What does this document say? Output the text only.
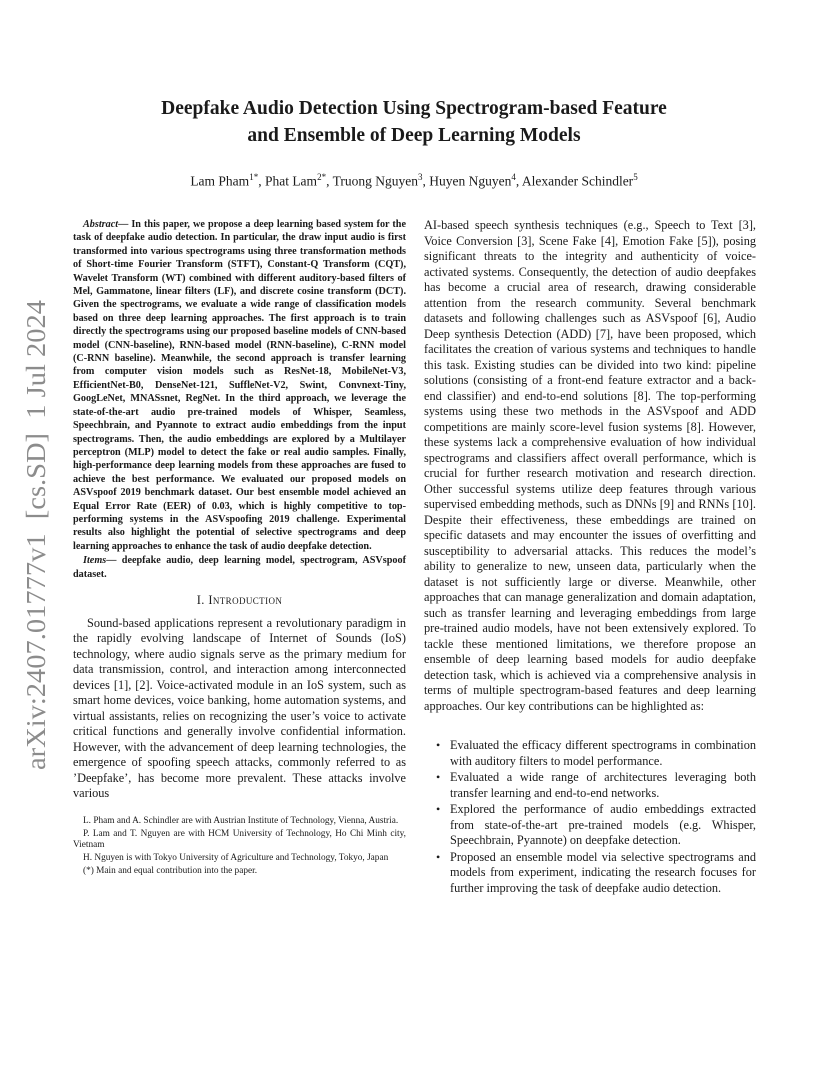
arXiv:2407.01777v1  [cs.SD]  1 Jul 2024
Deepfake Audio Detection Using Spectrogram-based Feature
and Ensemble of Deep Learning Models
Lam Pham$^{1*}$, Phat Lam$^{2*}$, Truong Nguyen$^3$, Huyen Nguyen$^4$, Alexander Schindler$^5$

Abstract— In this paper, we propose a deep learning based system for the task of deepfake audio detection. In particular, the draw input audio is first transformed into various spectrograms using three transformation methods of Short-time Fourier Transform (STFT), Constant-Q Transform (CQT), Wavelet Transform (WT) combined with different auditory-based filters of Mel, Gammatone, linear filters (LF), and discrete cosine transform (DCT). Given the spectrograms, we evaluate a wide range of classification models based on three deep learning approaches. The first approach is to train directly the spectrograms using our proposed baseline models of CNN-based model (CNN-baseline), RNN-based model (RNN-baseline), C-RNN model (C-RNN baseline). Meanwhile, the second approach is transfer learning from computer vision models such as ResNet-18, MobileNet-V3, EfficientNet-B0, DenseNet-121, SuffleNet-V2, Swint, Convnext-Tiny, GoogLeNet, MNASsnet, RegNet. In the third approach, we leverage the state-of-the-art audio pre-trained models of Whisper, Seamless, Speechbrain, and Pyannote to extract audio embeddings from the input spectrograms. Then, the audio embeddings are explored by a Multilayer perceptron (MLP) model to detect the fake or real audio samples. Finally, high-performance deep learning models from these approaches are fused to achieve the best performance. We evaluated our proposed models on ASVspoof 2019 benchmark dataset. Our best ensemble model achieved an Equal Error Rate (EER) of 0.03, which is highly competitive to top-performing systems in the ASVspoofing 2019 challenge. Experimental results also highlight the potential of selective spectrograms and deep learning approaches to enhance the task of audio deepfake detection.

Items— deepfake audio, deep learning model, spectrogram, ASVspoof dataset.

I. Introduction

Sound-based applications represent a revolutionary paradigm in the rapidly evolving landscape of Internet of Sounds (IoS) technology, where audio signals serve as the primary medium for data transmission, control, and interaction among interconnected devices [1], [2]. Voice-activated module in an IoS system, such as smart home devices, voice banking, home automation systems, and virtual assistants, relies on recognizing the user’s voice to activate critical functions and generally involve confidential information. However, with the advancement of deep learning technologies, the emergence of spoofing speech attacks, commonly referred to as ’Deepfake’, has become more prevalent. These attacks involve various

L. Pham and A. Schindler are with Austrian Institute of Technology, Vienna, Austria.

P. Lam and T. Nguyen are with HCM University of Technology, Ho Chi Minh city, Vietnam

H. Nguyen is with Tokyo University of Agriculture and Technology, Tokyo, Japan

(*) Main and equal contribution into the paper.

AI-based speech synthesis techniques (e.g., Speech to Text [3], Voice Conversion [3], Scene Fake [4], Emotion Fake [5]), posing significant threats to the integrity and authenticity of voice-activated systems. Consequently, the detection of audio deepfakes has become a crucial area of research, drawing considerable attention from the research community. Several benchmark datasets and following challenges such as ASVspoof [6], Audio Deep synthesis Detection (ADD) [7], have been proposed, which facilitates the creation of various systems and techniques to handle this task. Existing studies can be divided into two kind: pipeline solutions (consisting of a front-end feature extractor and a back-end classifier) and end-to-end solutions [8]. The top-performing systems using these two methods in the ASVspoof and ADD competitions are mainly score-level fusion systems [8]. However, these systems lack a comprehensive evaluation of how individual spectrograms and classifiers affect overall performance, which is crucial for further research motivation and research direction. Other successful systems utilize deep features through various supervised embedding methods, such as DNNs [9] and RNNs [10]. Despite their effectiveness, these embeddings are trained on specific datasets and may encounter the issues of overfitting and susceptibility to adversarial attacks. This reduces the model’s ability to generalize to new, unseen data, particularly when the dataset is not sufficiently large or diverse. Meanwhile, other approaches that can manage generalization and domain adaptation, such as transfer learning and leveraging embeddings from large pre-trained audio models, have not been extensively explored. To tackle these mentioned limitations, we therefore propose an ensemble of deep learning based models for audio deepfake detection task, which is achieved via a comprehensive analysis in terms of multiple spectrogram-based features and deep learning approaches. Our key contributions can be highlighted as:

• Evaluated the efficacy different spectrograms in combination with auditory filters to model performance.
• Evaluated a wide range of architectures leveraging both transfer learning and end-to-end networks.
• Explored the performance of audio embeddings extracted from state-of-the-art pre-trained models (e.g. Whisper, Speechbrain, Pyannote) on deepfake detection.
• Proposed an ensemble model via selective spectrograms and models from experiment, indicating the research focuses for further improving the task of deepfake audio detection.
